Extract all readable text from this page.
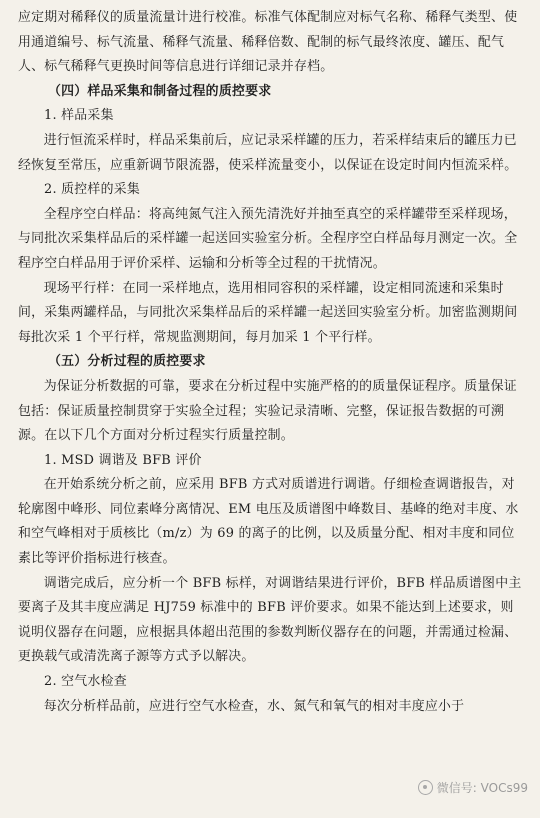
应定期对稀释仪的质量流量计进行校准。标准气体配制应对标气名称、稀释气类型、使用通道编号、标气流量、稀释气流量、稀释倍数、配制的标气最终浓度、罐压、配气人、标气稀释气更换时间等信息进行详细记录并存档。

（四）样品采集和制备过程的质控要求
1. 样品采集

进行恒流采样时，样品采集前后，应记录采样罐的压力，若采样结束后的罐压力已经恢复至常压，应重新调节限流器，使采样流量变小，以保证在设定时间内恒流采样。

2. 质控样的采集

全程序空白样品：将高纯氮气注入预先清洗好并抽至真空的采样罐带至采样现场，与同批次采集样品后的采样罐一起送回实验室分析。全程序空白样品每月测定一次。全程序空白样品用于评价采样、运输和分析等全过程的干扰情况。

现场平行样：在同一采样地点，选用相同容积的采样罐，设定相同流速和采集时间，采集两罐样品，与同批次采集样品后的采样罐一起送回实验室分析。加密监测期间每批次采 1 个平行样，常规监测期间，每月加采 1 个平行样。

（五）分析过程的质控要求

为保证分析数据的可靠，要求在分析过程中实施严格的的质量保证程序。质量保证包括：保证质量控制贯穿于实验全过程；实验记录清晰、完整，保证报告数据的可溯源。在以下几个方面对分析过程实行质量控制。

1. MSD 调谐及 BFB 评价

在开始系统分析之前，应采用 BFB 方式对质谱进行调谐。仔细检查调谐报告，对轮廓图中峰形、同位素峰分离情况、EM 电压及质谱图中峰数目、基峰的绝对丰度、水和空气峰相对于质核比（m/z）为 69 的离子的比例，以及质量分配、相对丰度和同位素比等评价指标进行核查。

调谐完成后，应分析一个 BFB 标样，对调谐结果进行评价，BFB 样品质谱图中主要离子及其丰度应满足 HJ759 标准中的 BFB 评价要求。如果不能达到上述要求，则说明仪器存在问题，应根据具体超出范围的参数判断仪器存在的问题，并需通过检漏、更换载气或清洗离子源等方式予以解决。

2. 空气水检查

每次分析样品前，应进行空气水检查，水、氮气和氧气的相对丰度应小于

微信号: VOCs99
